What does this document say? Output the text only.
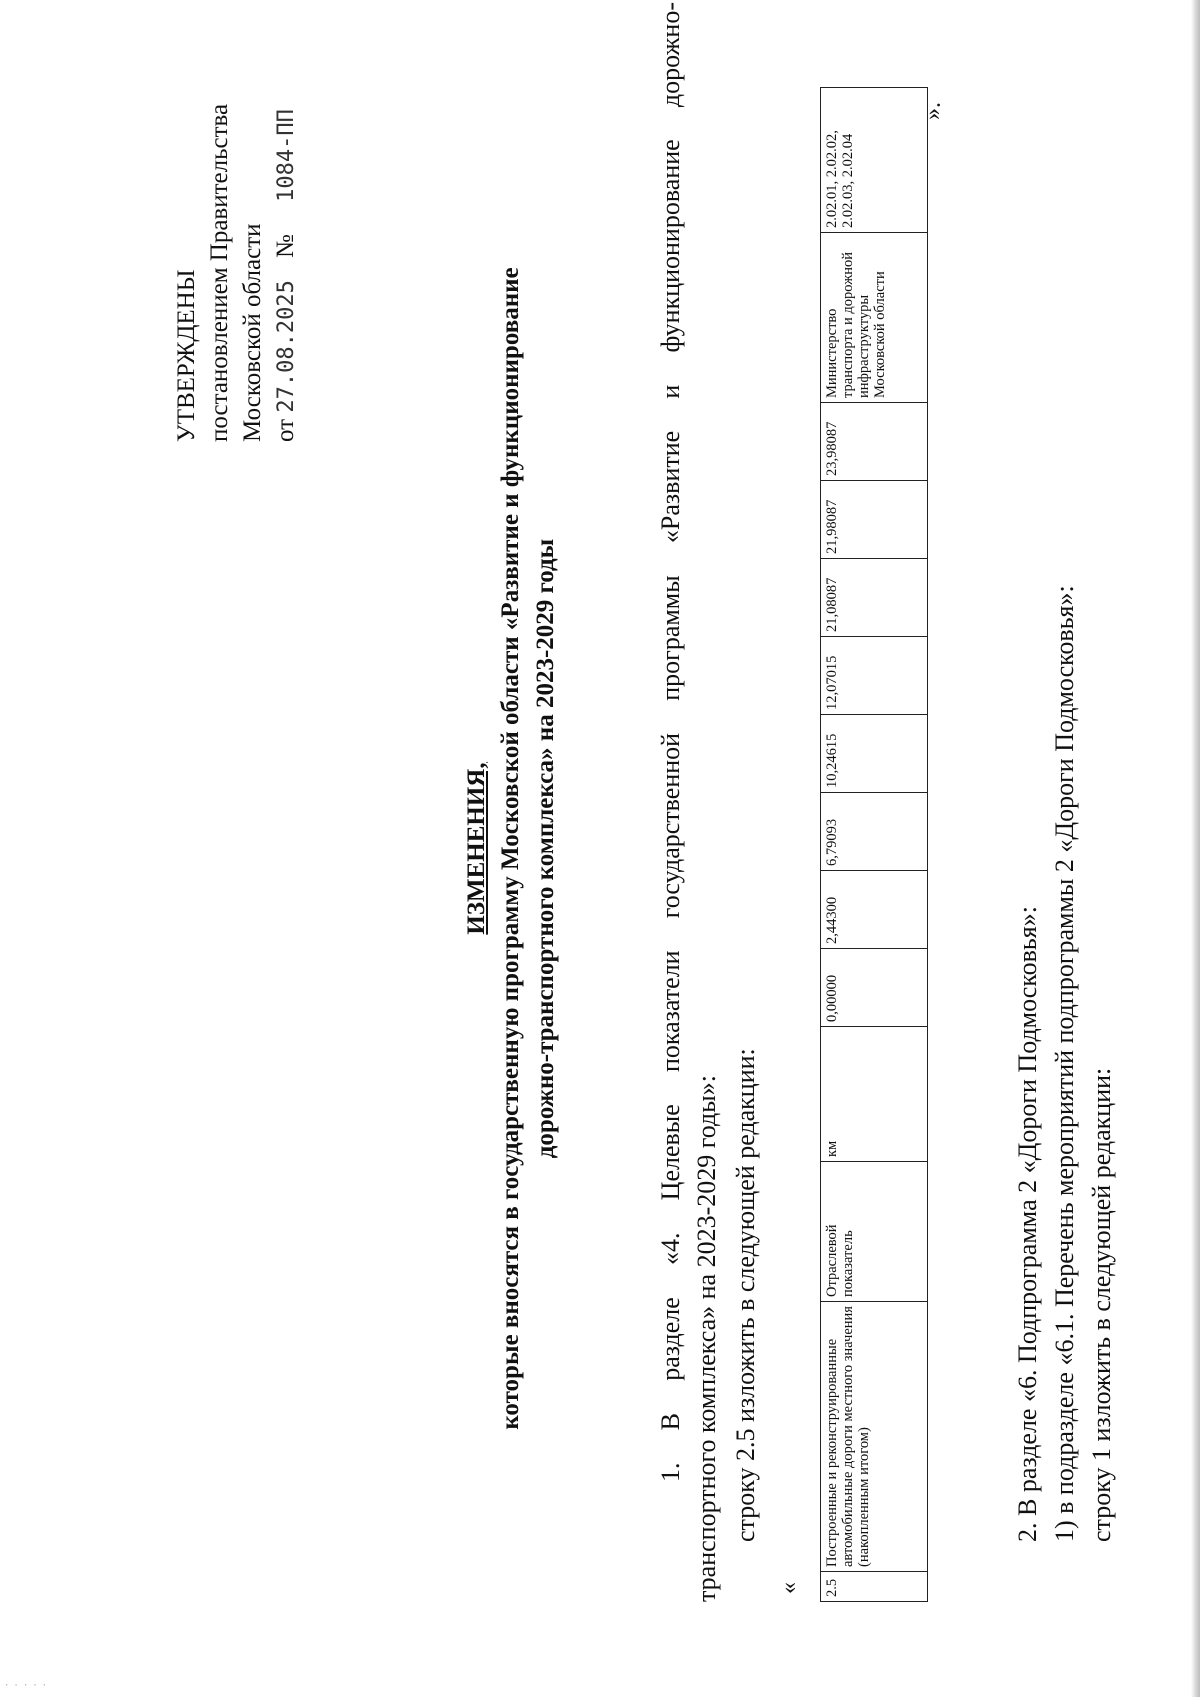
УТВЕРЖДЕНЫ постановлением Правительства Московской области от 27.08.2025 № 1084-ПП
ИЗМЕНЕНИЯ, которые вносятся в государственную программу Московской области «Развитие и функционирование дорожно-транспортного комплекса» на 2023-2029 годы	1. В разделе «4. Целевые показатели государственной программы «Развитие и функционирование дорожно- транспортного комплекса» на 2023-2029 годы»: строку 2.5 изложить в следующей редакции:
« 2.5	Построенные и реконструированные автомобильные дороги местного значения (накопленным итогом)	Отраслевой показатель	км	0,00000	2,44300	6,79093	10,24615	12,07015	21,08087	21,98087	23,98087	Министерство транспорта и дорожной инфраструктуры Московской области	2.02.01, 2.02.02, 2.02.03, 2.02.04
».
2. В разделе «6. Подпрограмма 2 «Дороги Подмосковья»: 1) в подразделе «6.1. Перечень мероприятий подпрограммы 2 «Дороги Подмосковья»: строку 1 изложить в следующей редакции:
·····
